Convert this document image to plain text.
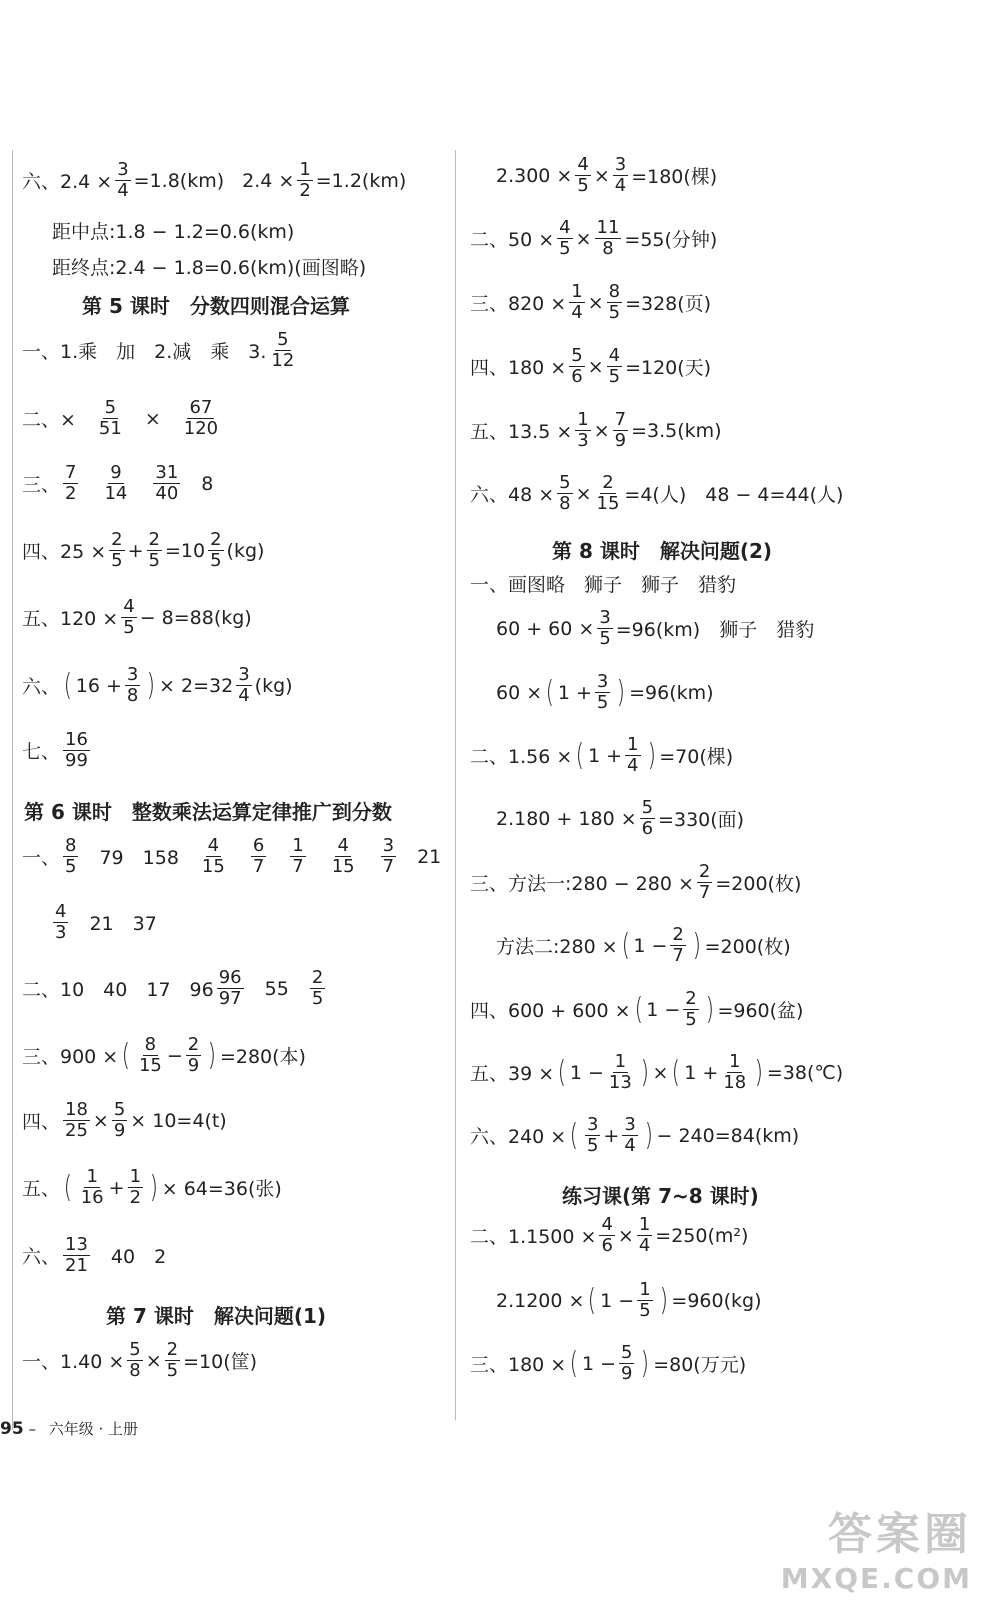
六、$2.4 \times \frac{3}{4} =1.8(km) 2.4 \times \frac{1}{2} =1.2(km)$
距中点:1.8 − 1.2=0.6(km)
距终点:2.4 − 1.8=0.6(km)(画图略)
第 5 课时　分数四则混合运算
一、1.乘　加　2.减　乘　3. $\frac{5}{12}$
二、× $\frac{5}{51} \times \frac{67}{120}$
三、 $\frac{7}{2} \frac{9}{14} \frac{31}{40} 8$
四、$25 \times \frac{2}{5} + \frac{2}{5} =10 \frac{2}{5} (kg)$
五、$120 \times \frac{4}{5} - 8=88(kg)$
六、 ( $16 + \frac{3}{8}$ ) × $2=32 \frac{3}{4} (kg)$
七、 $\frac{16}{99}$
第 6 课时　整数乘法运算定律推广到分数
一、 $\frac{8}{5} 79$　$158 \frac{4}{15} \frac{6}{7} \frac{1}{7} \frac{4}{15} \frac{3}{7} 21$
$\frac{4}{3} 21$　37
二、10　40　17　$96 \frac{96}{97} 55 \frac{2}{5}$
三、900 × ( $\frac{8}{15} - \frac{2}{9}$ ) =280(本)
四、 $\frac{18}{25} \times \frac{5}{9} \times 10=4(t)$
五、 ( $\frac{1}{16} + \frac{1}{2}$ ) × 64=36(张)
六、 $\frac{13}{21} 40$　2
第 7 课时　解决问题(1)
一、$1.40 \times \frac{5}{8} \times \frac{2}{5} =10$(筐)
$2.300 \times \frac{4}{5} \times \frac{3}{4} =180$(棵)
二、$50 \times \frac{4}{5} \times \frac{11}{8} =55$(分钟)
三、$820 \times \frac{1}{4} \times \frac{8}{5} =328$(页)
四、$180 \times \frac{5}{6} \times \frac{4}{5} =120$(天)
五、$13.5 \times \frac{1}{3} \times \frac{7}{9} =3.5(km)$
六、$48 \times \frac{5}{8} \times \frac{2}{15} =4$(人)　48 − 4=44(人)
第 8 课时　解决问题(2)
一、画图略　狮子　狮子　猎豹
$60 + 60 \times \frac{3}{5} =96(km)$　狮子　猎豹
60 × ( $1 + \frac{3}{5}$ ) =96(km)
二、1.56 × ( $1 + \frac{1}{4}$ ) =70(棵)
$2.180 + 180 \times \frac{5}{6} =330$(面)
三、方法一:280 − $280 \times \frac{2}{7} =200$(枚)
方法二:280 × ( $1 - \frac{2}{7}$ ) =200(枚)
四、600 + 600 × ( $1 - \frac{2}{5}$ ) =960(盆)
五、39 × ( $1 - \frac{1}{13}$ ) × ( $1 + \frac{1}{18}$ ) =38(℃)
六、240 × ( $\frac{3}{5} + \frac{3}{4}$ ) − 240=84(km)
练习课(第 7~8 课时)
二、$1.1500 \times \frac{4}{6} \times \frac{1}{4} =250(m^2)$
2.1200 × ( $1 - \frac{1}{5}$ ) =960(kg)
三、180 × ( $1 - \frac{5}{9}$ ) =80(万元)
95 – 六年级 · 上册
答案圈
MXQE.COM
